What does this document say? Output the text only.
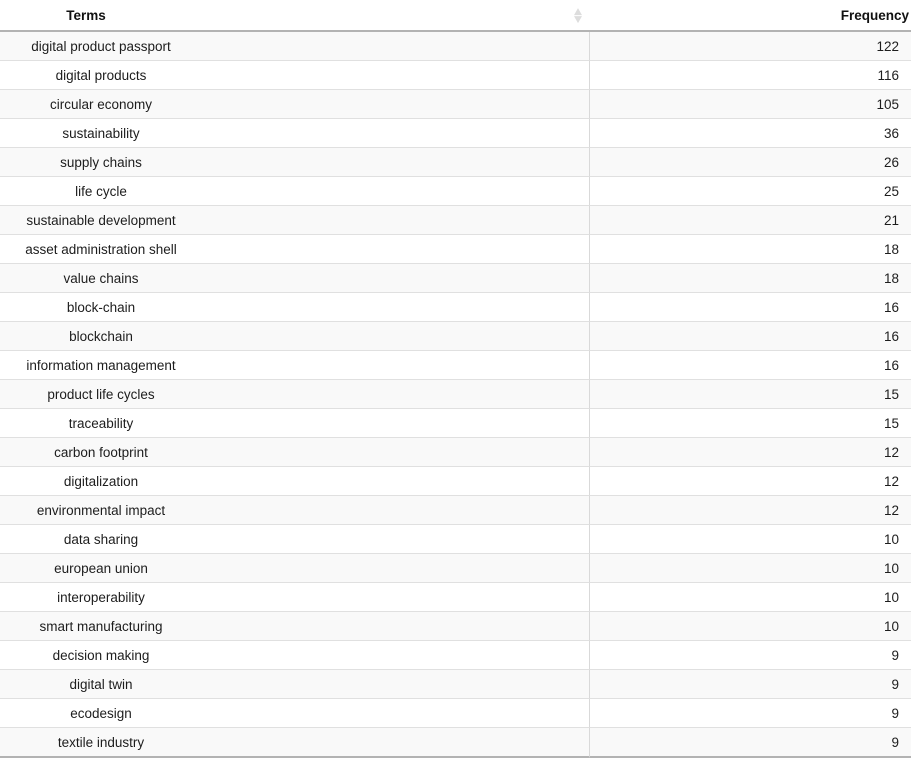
Terms	Frequency

digital product passport	122

digital products	116

circular economy	105

sustainability	36

supply chains	26

life cycle	25

sustainable development	21

asset administration shell	18

value chains	18

block-chain	16

blockchain	16

information management	16

product life cycles	15

traceability	15

carbon footprint	12

digitalization	12

environmental impact	12

data sharing	10

european union	10

interoperability	10

smart manufacturing	10

decision making	9

digital twin	9

ecodesign	9

textile industry	9
